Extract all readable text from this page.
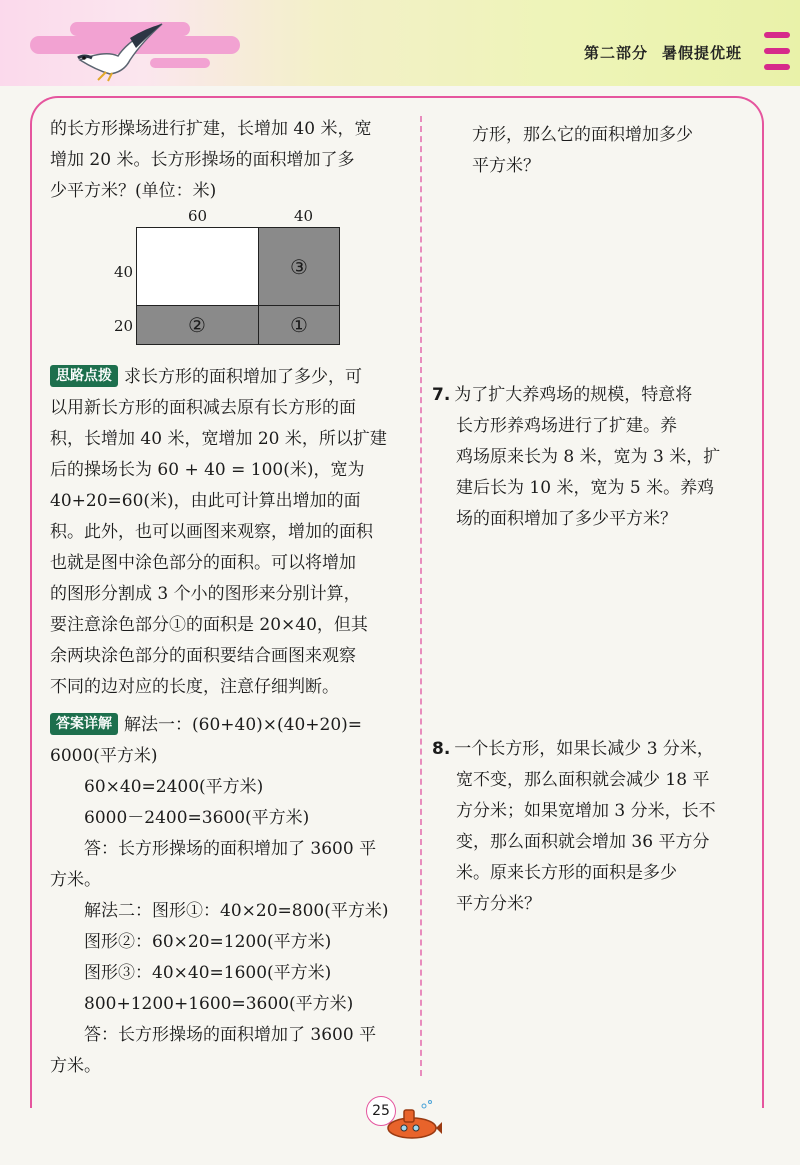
第二部分 暑假提优班
的长方形操场进行扩建，长增加 40 米，宽
增加 20 米。长方形操场的面积增加了多
少平方米？(单位：米)
60	40
40
20
③
②	①
思路点拨 求长方形的面积增加了多少，可
以用新长方形的面积减去原有长方形的面
积，长增加 40 米，宽增加 20 米，所以扩建
后的操场长为 60 + 40 = 100(米)，宽为
40+20=60(米)，由此可计算出增加的面
积。此外，也可以画图来观察，增加的面积
也就是图中涂色部分的面积。可以将增加
的图形分割成 3 个小的图形来分别计算，
要注意涂色部分①的面积是 20×40，但其
余两块涂色部分的面积要结合画图来观察
不同的边对应的长度，注意仔细判断。
答案详解 解法一：(60+40)×(40+20)=
6000(平方米)
60×40=2400(平方米)
6000－2400=3600(平方米)
答：长方形操场的面积增加了 3600 平
方米。
解法二：图形①：40×20=800(平方米)
图形②：60×20=1200(平方米)
图形③：40×40=1600(平方米)
800+1200+1600=3600(平方米)
答：长方形操场的面积增加了 3600 平
方米。
方形，那么它的面积增加多少
平方米？
7. 为了扩大养鸡场的规模，特意将
长方形养鸡场进行了扩建。养
鸡场原来长为 8 米，宽为 3 米，扩
建后长为 10 米，宽为 5 米。养鸡
场的面积增加了多少平方米？
8. 一个长方形，如果长减少 3 分米，
宽不变，那么面积就会减少 18 平
方分米；如果宽增加 3 分米，长不
变，那么面积就会增加 36 平方分
米。原来长方形的面积是多少
平方分米？
25
